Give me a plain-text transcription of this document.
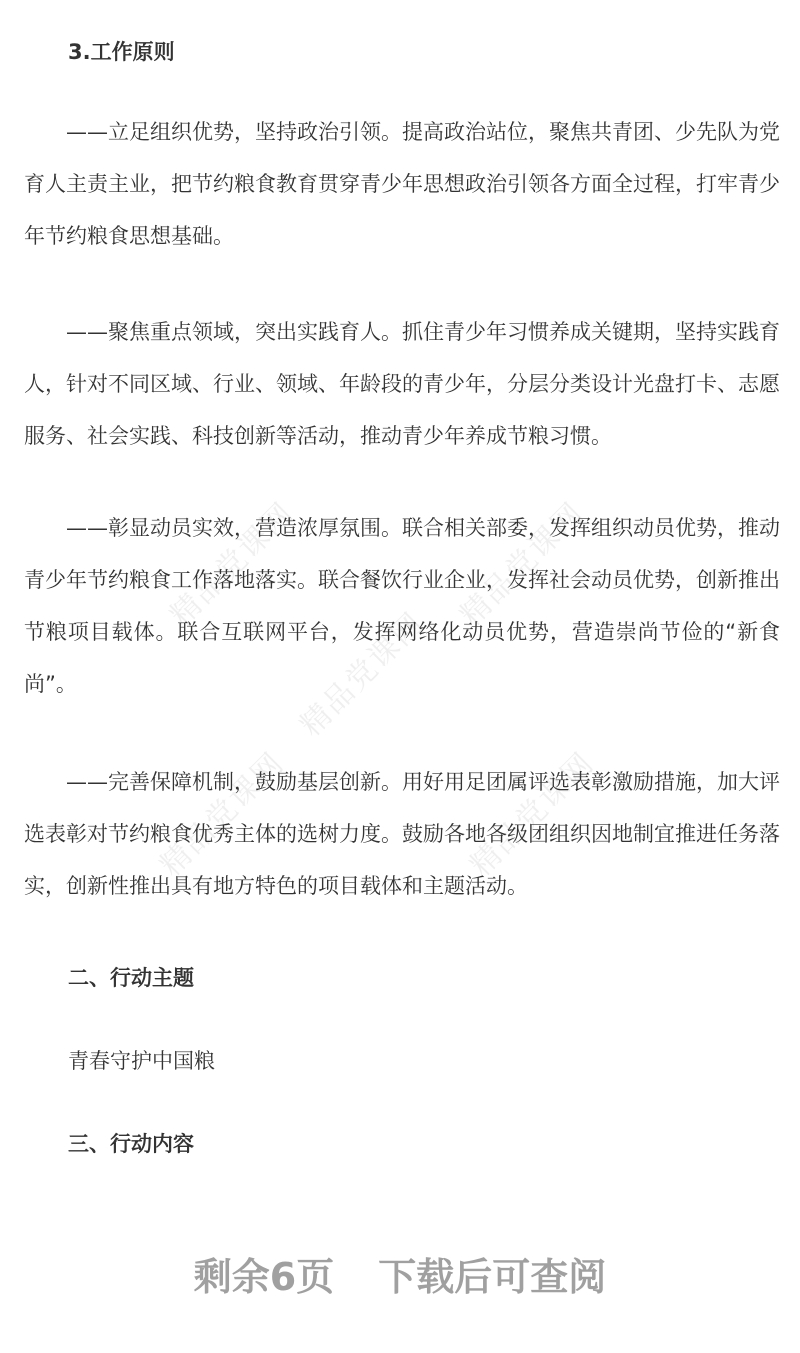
精品党课网	精品党课网
精品党课网
精品党课网	精品党课网
3.工作原则

——立足组织优势，坚持政治引领。提高政治站位，聚焦共青团、少先队为党育人主责主业，把节约粮食教育贯穿青少年思想政治引领各方面全过程，打牢青少年节约粮食思想基础。

——聚焦重点领域，突出实践育人。抓住青少年习惯养成关键期，坚持实践育人，针对不同区域、行业、领域、年龄段的青少年，分层分类设计光盘打卡、志愿服务、社会实践、科技创新等活动，推动青少年养成节粮习惯。

——彰显动员实效，营造浓厚氛围。联合相关部委，发挥组织动员优势，推动青少年节约粮食工作落地落实。联合餐饮行业企业，发挥社会动员优势，创新推出节粮项目载体。联合互联网平台，发挥网络化动员优势，营造崇尚节俭的“新食尚”。

——完善保障机制，鼓励基层创新。用好用足团属评选表彰激励措施，加大评选表彰对节约粮食优秀主体的选树力度。鼓励各地各级团组织因地制宜推进任务落实，创新性推出具有地方特色的项目载体和主题活动。

二、行动主题

青春守护中国粮

三、行动内容
剩余6页 下载后可查阅
